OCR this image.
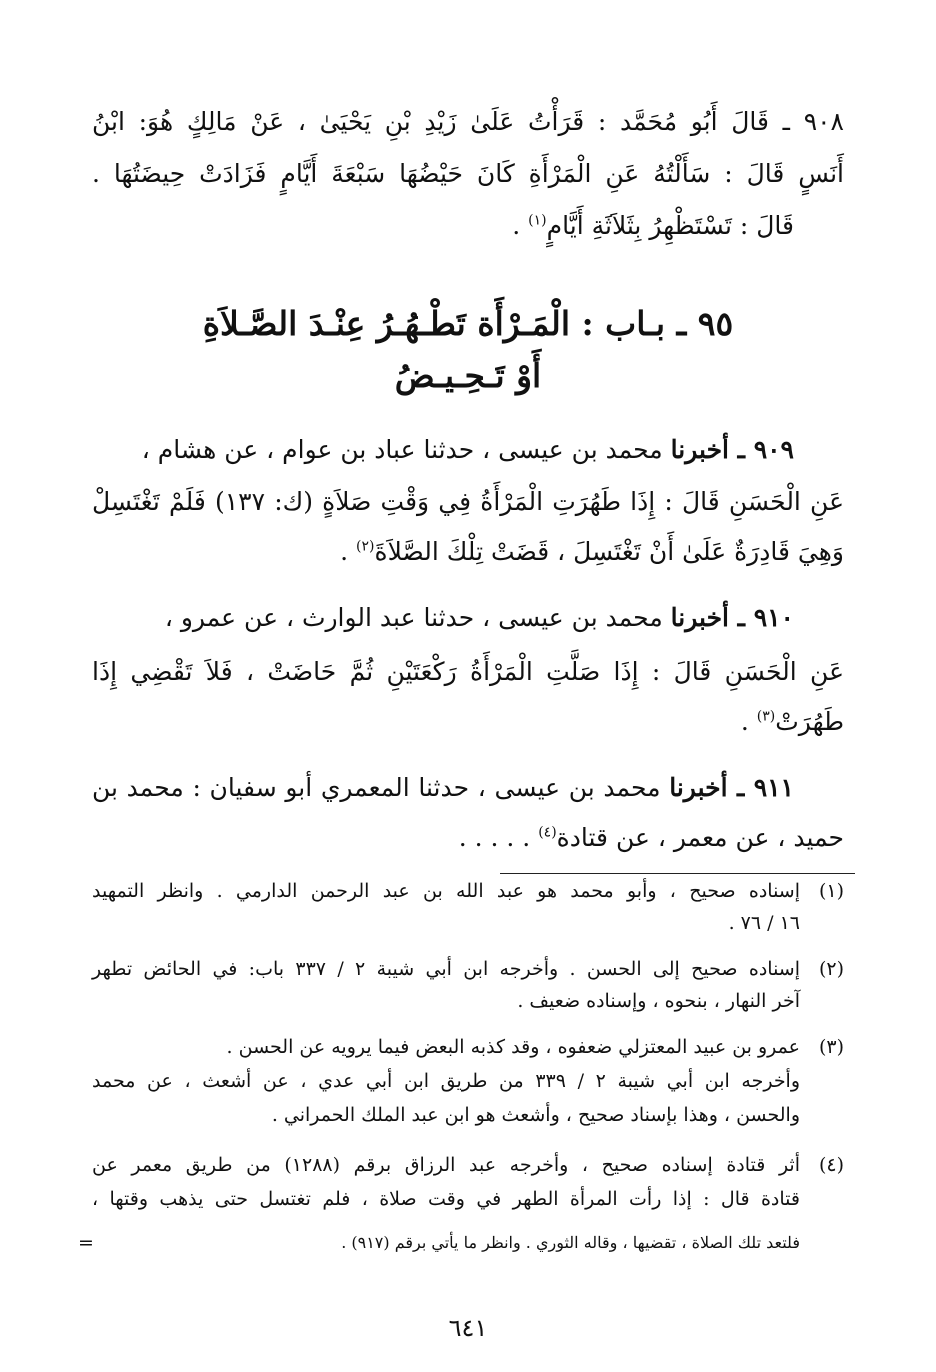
٩٠٨ ـ قَالَ أَبُو مُحَمَّد : قَرَأْتُ عَلَىٰ زَيْدِ بْنِ يَحْيَىٰ ، عَنْ مَالِكٍ هُوَ: ابْنُ
أَنَسٍ قَالَ : سَأَلْتُهُ عَنِ الْمَرْأَةِ كَانَ حَيْضُهَا سَبْعَةَ أَيَّامٍ فَزَادَتْ حِيضَتُهَا .
قَالَ : تَسْتَظْهِرُ بِثَلاَثَةِ أَيَّامٍ$^{(١)}$ .
٩٥ ـ بـاب : الْمَـرْأَة تَطْـهُـرُ عِنْـدَ الصَّـلاَةِ
أَوْ تَـحِـيـضُ
٩٠٩ ـ أخبرنا محمد بن عيسى ، حدثنا عباد بن عوام ، عن هشام ،
عَنِ الْحَسَنِ قَالَ : إِذَا طَهُرَتِ الْمَرْأَةُ فِي وَقْتِ صَلاَةٍ (ك: ١٣٧) فَلَمْ تَغْتَسِلْ
وَهِيَ قَادِرَةٌ عَلَىٰ أَنْ تَغْتَسِلَ ، قَضَتْ تِلْكَ الصَّلاَةَ$^{(٢)}$ .
٩١٠ ـ أخبرنا محمد بن عيسى ، حدثنا عبد الوارث ، عن عمرو ،
عَنِ الْحَسَنِ قَالَ : إِذَا صَلَّتِ الْمَرْأَةُ رَكْعَتَيْنِ ثُمَّ حَاضَتْ ، فَلاَ تَقْضِي إِذَا
طَهُرَتْ$^{(٣)}$ .
٩١١ ـ أخبرنا محمد بن عيسى ، حدثنا المعمري أبو سفيان : محمد بن
حميد ، عن معمر ، عن قتادة$^{(٤)}$ . . . . .
(١)
إسناده صحيح ، وأبو محمد هو عبد الله بن عبد الرحمن الدارمي . وانظر التمهيد
١٦ / ٧٦ .
(٢)
إسناده صحيح إلى الحسن . وأخرجه ابن أبي شيبة ٢ / ٣٣٧ باب: في الحائض تطهر
آخر النهار ، بنحوه ، وإسناده ضعيف .
(٣)
عمرو بن عبيد المعتزلي ضعفوه ، وقد كذبه البعض فيما يرويه عن الحسن .
وأخرجه ابن أبي شيبة ٢ / ٣٣٩ من طريق ابن أبي عدي ، عن أشعث ، عن محمد
والحسن ، وهذا بإسناد صحيح ، وأشعث هو ابن عبد الملك الحمراني .
(٤)
أثر قتادة إسناده صحيح ، وأخرجه عبد الرزاق برقم (١٢٨٨) من طريق معمر عن
قتادة قال : إذا رأت المرأة الطهر في وقت صلاة ، فلم تغتسل حتى يذهب وقتها ،
فلتعد تلك الصلاة ، تقضيها ، وقاله الثوري . وانظر ما يأتي برقم (٩١٧) .
=
٦٤١
